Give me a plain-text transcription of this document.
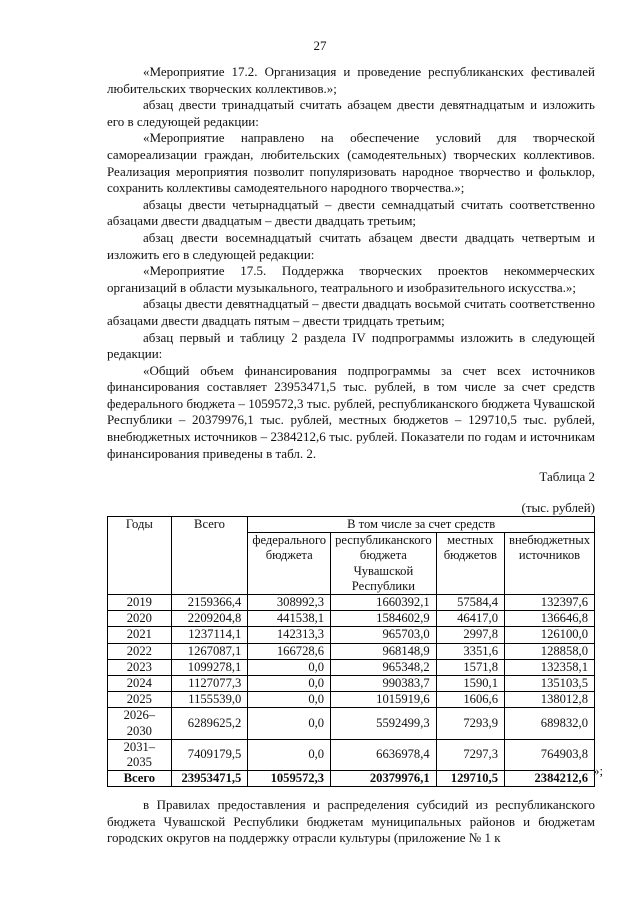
27

«Мероприятие 17.2. Организация и проведение республиканских фестивалей любительских творческих коллективов.»;

абзац двести тринадцатый считать абзацем двести девятнадцатым и изложить его в следующей редакции:

«Мероприятие направлено на обеспечение условий для творческой самореализации граждан, любительских (самодеятельных) творческих коллективов. Реализация мероприятия позволит популяризовать народное творчество и фольклор, сохранить коллективы самодеятельного народного творчества.»;

абзацы двести четырнадцатый – двести семнадцатый считать соответственно абзацами двести двадцатым – двести двадцать третьим;

абзац двести восемнадцатый считать абзацем двести двадцать четвертым и изложить его в следующей редакции:

«Мероприятие 17.5. Поддержка творческих проектов некоммерческих организаций в области музыкального, театрального и изобразительного искусства.»;

абзацы двести девятнадцатый – двести двадцать восьмой считать соответственно абзацами двести двадцать пятым – двести тридцать третьим;

абзац первый и таблицу 2 раздела IV подпрограммы изложить в следующей редакции:

«Общий объем финансирования подпрограммы за счет всех источников финансирования составляет 23953471,5 тыс. рублей, в том числе за счет средств федерального бюджета – 1059572,3 тыс. рублей, республиканского бюджета Чувашской Республики – 20379976,1 тыс. рублей, местных бюджетов – 129710,5 тыс. рублей, внебюджетных источников – 2384212,6 тыс. рублей. Показатели по годам и источникам финансирования приведены в табл. 2.

Таблица 2
(тыс. рублей)
Годы	Всего	В том числе за счет средств			
		федерального бюджета	республиканского бюджета Чувашской Республики	местных бюджетов	внебюджетных источников
2019	2159366,4	308992,3	1660392,1	57584,4	132397,6
2020	2209204,8	441538,1	1584602,9	46417,0	136646,8
2021	1237114,1	142313,3	965703,0	2997,8	126100,0
2022	1267087,1	166728,6	968148,9	3351,6	128858,0
2023	1099278,1	0,0	965348,2	1571,8	132358,1
2024	1127077,3	0,0	990383,7	1590,1	135103,5
2025	1155539,0	0,0	1015919,6	1606,6	138012,8
2026–2030	6289625,2	0,0	5592499,3	7293,9	689832,0
2031–2035	7409179,5	0,0	6636978,4	7297,3	764903,8
Всего	23953471,5	1059572,3	20379976,1	129710,5	2384212,6
»;

в Правилах предоставления и распределения субсидий из республиканского бюджета Чувашской Республики бюджетам муниципальных районов и бюджетам городских округов на поддержку отрасли культуры (приложение № 1 к
